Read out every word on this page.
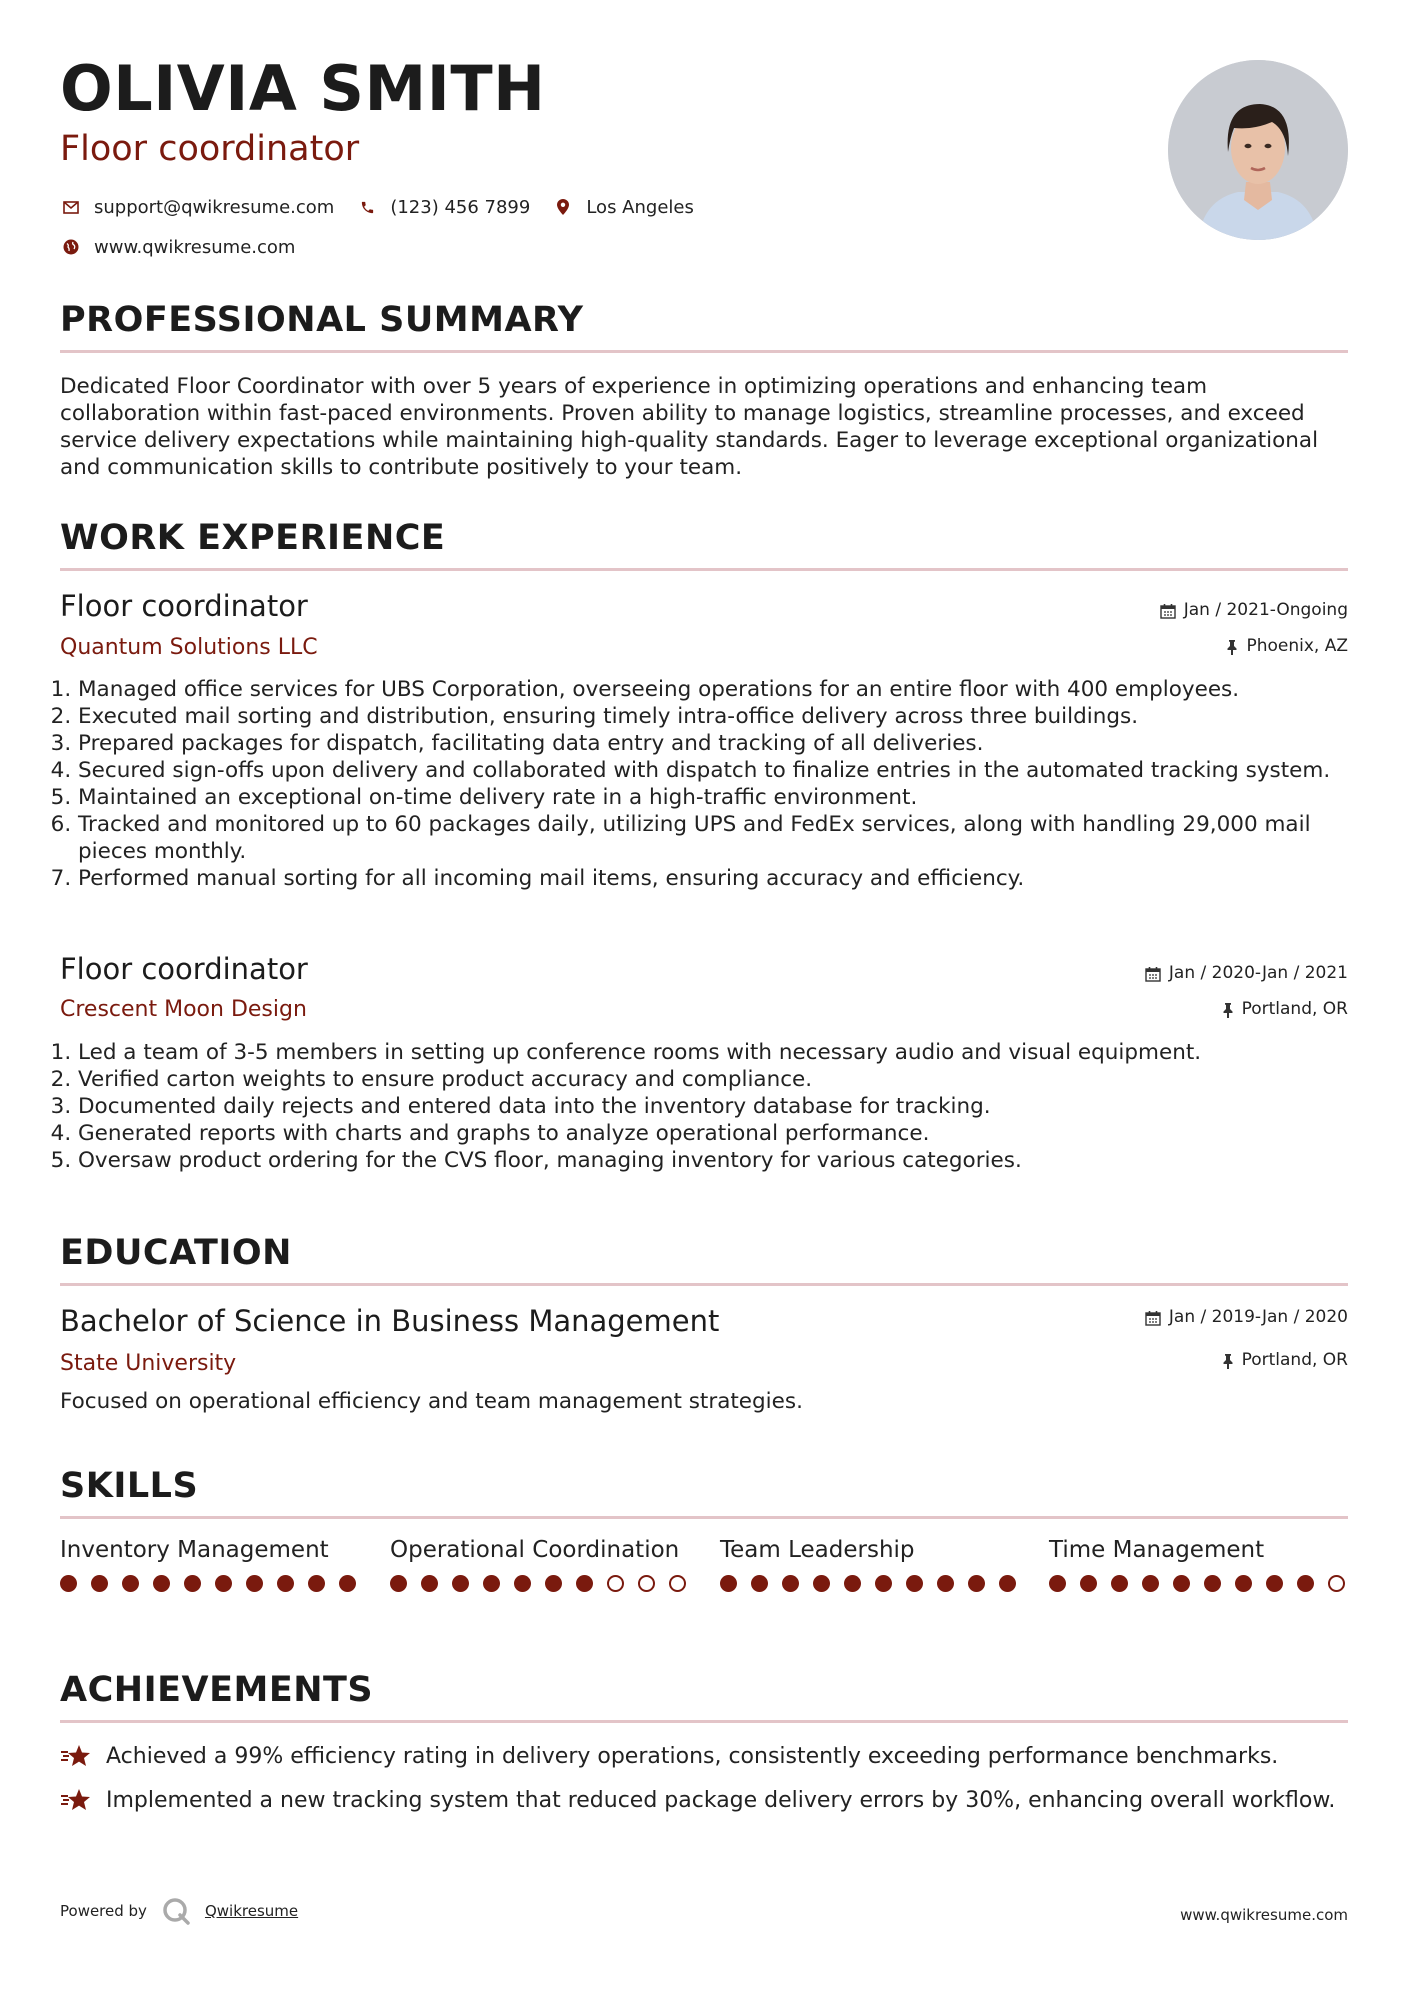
OLIVIA SMITH
Floor coordinator
support@qwikresume.com	(123) 456 7899	Los Angeles
www.qwikresume.com
PROFESSIONAL SUMMARY
Dedicated Floor Coordinator with over 5 years of experience in optimizing operations and enhancing team collaboration within fast-paced environments. Proven ability to manage logistics, streamline processes, and exceed service delivery expectations while maintaining high-quality standards. Eager to leverage exceptional organizational and communication skills to contribute positively to your team.
WORK EXPERIENCE
Floor coordinator	Jan / 2021-Ongoing
Quantum Solutions LLC	Phoenix, AZ
1. Managed office services for UBS Corporation, overseeing operations for an entire floor with 400 employees.
2. Executed mail sorting and distribution, ensuring timely intra-office delivery across three buildings.
3. Prepared packages for dispatch, facilitating data entry and tracking of all deliveries.
4. Secured sign-offs upon delivery and collaborated with dispatch to finalize entries in the automated tracking system.
5. Maintained an exceptional on-time delivery rate in a high-traffic environment.
6. Tracked and monitored up to 60 packages daily, utilizing UPS and FedEx services, along with handling 29,000 mail pieces monthly.
7. Performed manual sorting for all incoming mail items, ensuring accuracy and efficiency.
Floor coordinator	Jan / 2020-Jan / 2021
Crescent Moon Design	Portland, OR
1. Led a team of 3-5 members in setting up conference rooms with necessary audio and visual equipment.
2. Verified carton weights to ensure product accuracy and compliance.
3. Documented daily rejects and entered data into the inventory database for tracking.
4. Generated reports with charts and graphs to analyze operational performance.
5. Oversaw product ordering for the CVS floor, managing inventory for various categories.
EDUCATION
Bachelor of Science in Business Management	Jan / 2019-Jan / 2020
State University	Portland, OR
Focused on operational efficiency and team management strategies.
SKILLS
Inventory Management	Operational Coordination	Team Leadership	Time Management
ACHIEVEMENTS
Achieved a 99% efficiency rating in delivery operations, consistently exceeding performance benchmarks.
Implemented a new tracking system that reduced package delivery errors by 30%, enhancing overall workflow.
Powered by	Qwikresume	www.qwikresume.com
